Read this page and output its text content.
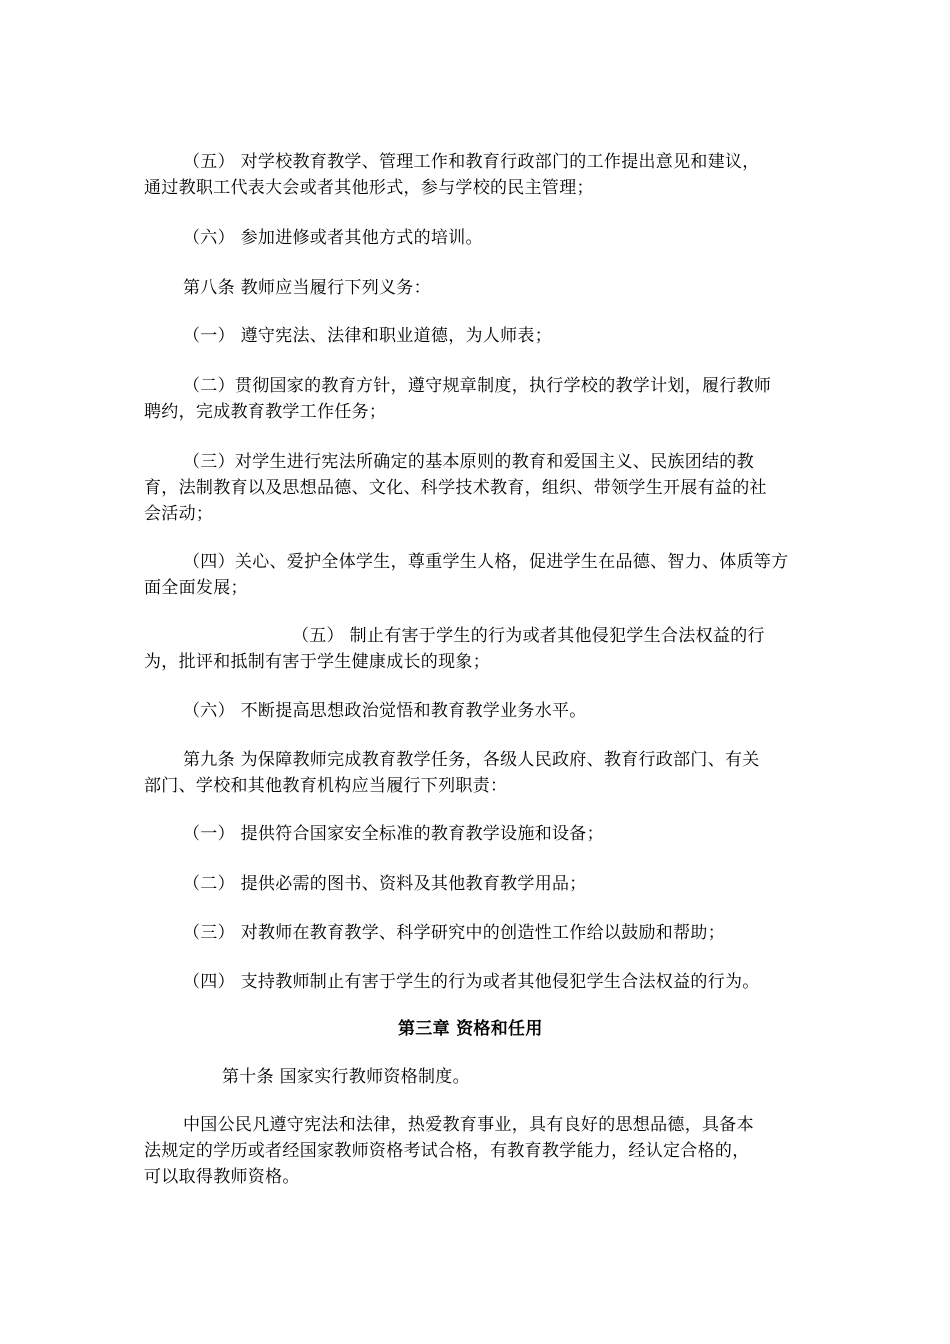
（五） 对学校教育教学、管理工作和教育行政部门的工作提出意见和建议，

通过教职工代表大会或者其他形式，参与学校的民主管理；

（六） 参加进修或者其他方式的培训。

第八条 教师应当履行下列义务：

（一） 遵守宪法、法律和职业道德，为人师表；

（二）贯彻国家的教育方针，遵守规章制度，执行学校的教学计划，履行教师

聘约，完成教育教学工作任务；

（三）对学生进行宪法所确定的基本原则的教育和爱国主义、民族团结的教

育，法制教育以及思想品德、文化、科学技术教育，组织、带领学生开展有益的社

会活动；

（四）关心、爱护全体学生，尊重学生人格，促进学生在品德、智力、体质等方

面全面发展；

（五） 制止有害于学生的行为或者其他侵犯学生合法权益的行

为，批评和抵制有害于学生健康成长的现象；

（六） 不断提高思想政治觉悟和教育教学业务水平。

第九条 为保障教师完成教育教学任务，各级人民政府、教育行政部门、有关

部门、学校和其他教育机构应当履行下列职责：

（一） 提供符合国家安全标准的教育教学设施和设备；

（二） 提供必需的图书、资料及其他教育教学用品；

（三） 对教师在教育教学、科学研究中的创造性工作给以鼓励和帮助；

（四） 支持教师制止有害于学生的行为或者其他侵犯学生合法权益的行为。

第三章 资格和任用

第十条 国家实行教师资格制度。

中国公民凡遵守宪法和法律，热爱教育事业，具有良好的思想品德，具备本

法规定的学历或者经国家教师资格考试合格，有教育教学能力，经认定合格的，

可以取得教师资格。
